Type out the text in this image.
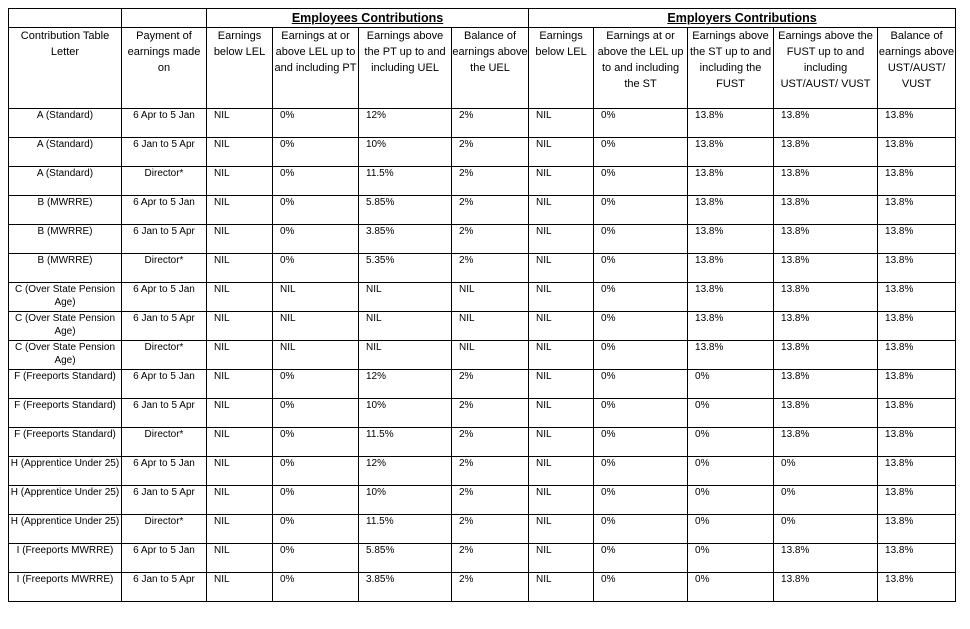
		Employees Contributions				Employers Contributions				
Contribution Table Letter	Payment of earnings made on	Earnings below LEL	Earnings at or above LEL up to and including PT	Earnings above the PT up to and including UEL	Balance of earnings above the UEL	Earnings below LEL	Earnings at or above the LEL up to and including the ST	Earnings above the ST up to and including the FUST	Earnings above the FUST up to and including UST/AUST/ VUST	Balance of earnings above UST/AUST/ VUST
A (Standard)	6 Apr to 5 Jan	NIL	0%	12%	2%	NIL	0%	13.8%	13.8%	13.8%
A (Standard)	6 Jan to 5 Apr	NIL	0%	10%	2%	NIL	0%	13.8%	13.8%	13.8%
A (Standard)	Director*	NIL	0%	11.5%	2%	NIL	0%	13.8%	13.8%	13.8%
B (MWRRE)	6 Apr to 5 Jan	NIL	0%	5.85%	2%	NIL	0%	13.8%	13.8%	13.8%
B (MWRRE)	6 Jan to 5 Apr	NIL	0%	3.85%	2%	NIL	0%	13.8%	13.8%	13.8%
B (MWRRE)	Director*	NIL	0%	5.35%	2%	NIL	0%	13.8%	13.8%	13.8%
C (Over State Pension Age)	6 Apr to 5 Jan	NIL	NIL	NIL	NIL	NIL	0%	13.8%	13.8%	13.8%
C (Over State Pension Age)	6 Jan to 5 Apr	NIL	NIL	NIL	NIL	NIL	0%	13.8%	13.8%	13.8%
C (Over State Pension Age)	Director*	NIL	NIL	NIL	NIL	NIL	0%	13.8%	13.8%	13.8%
F (Freeports Standard)	6 Apr to 5 Jan	NIL	0%	12%	2%	NIL	0%	0%	13.8%	13.8%
F (Freeports Standard)	6 Jan to 5 Apr	NIL	0%	10%	2%	NIL	0%	0%	13.8%	13.8%
F (Freeports Standard)	Director*	NIL	0%	11.5%	2%	NIL	0%	0%	13.8%	13.8%
H (Apprentice Under 25)	6 Apr to 5 Jan	NIL	0%	12%	2%	NIL	0%	0%	0%	13.8%
H (Apprentice Under 25)	6 Jan to 5 Apr	NIL	0%	10%	2%	NIL	0%	0%	0%	13.8%
H (Apprentice Under 25)	Director*	NIL	0%	11.5%	2%	NIL	0%	0%	0%	13.8%
I (Freeports MWRRE)	6 Apr to 5 Jan	NIL	0%	5.85%	2%	NIL	0%	0%	13.8%	13.8%
I (Freeports MWRRE)	6 Jan to 5 Apr	NIL	0%	3.85%	2%	NIL	0%	0%	13.8%	13.8%
